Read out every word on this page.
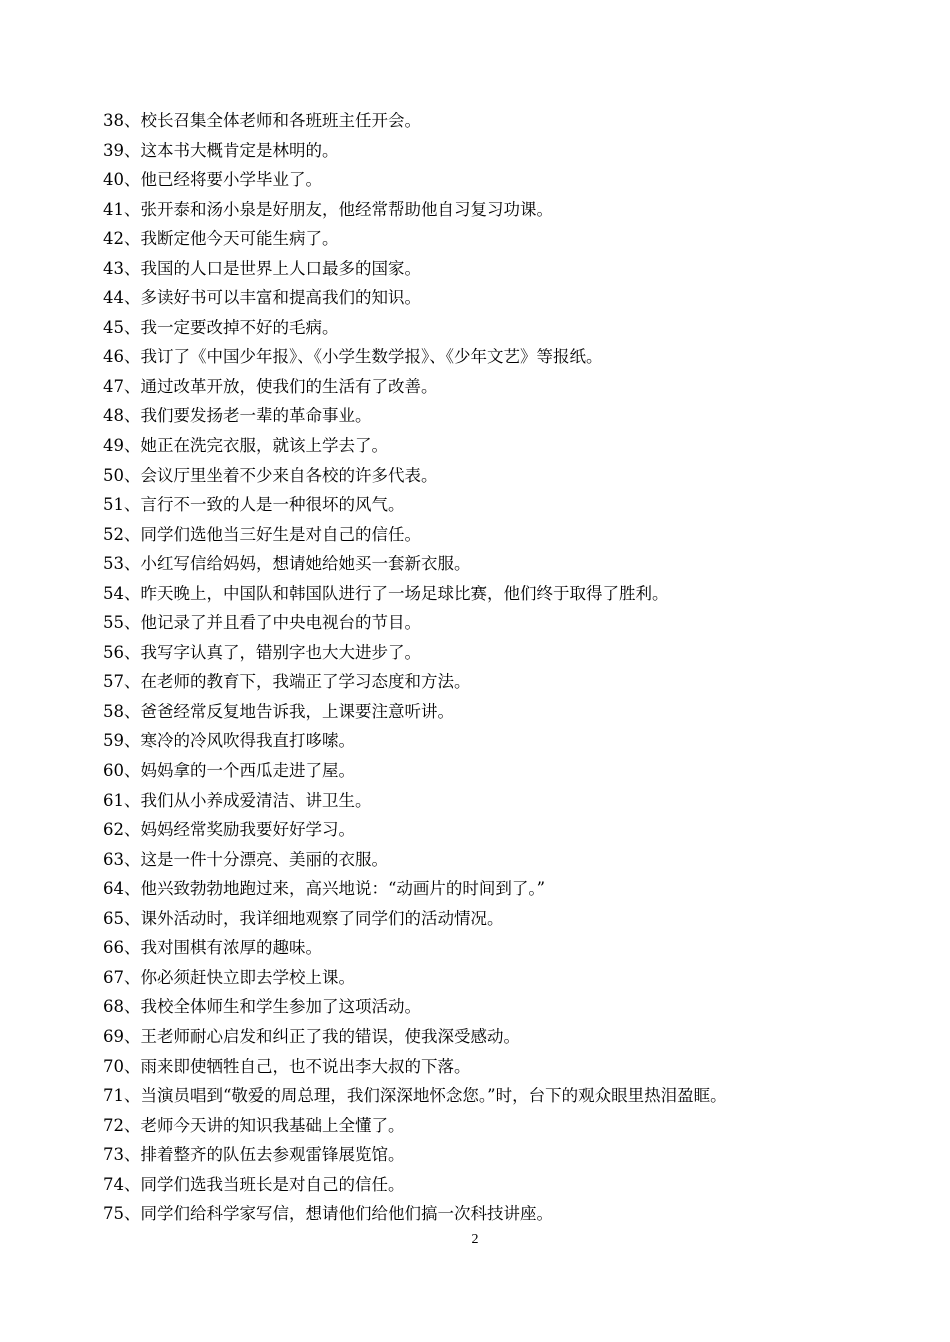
38、校长召集全体老师和各班班主任开会。
39、这本书大概肯定是林明的。
40、他已经将要小学毕业了。
41、张开泰和汤小泉是好朋友，他经常帮助他自习复习功课。
42、我断定他今天可能生病了。
43、我国的人口是世界上人口最多的国家。
44、多读好书可以丰富和提高我们的知识。
45、我一定要改掉不好的毛病。
46、我订了《中国少年报》、《小学生数学报》、《少年文艺》等报纸。
47、通过改革开放，使我们的生活有了改善。
48、我们要发扬老一辈的革命事业。
49、她正在洗完衣服，就该上学去了。
50、会议厅里坐着不少来自各校的许多代表。
51、言行不一致的人是一种很坏的风气。
52、同学们选他当三好生是对自己的信任。
53、小红写信给妈妈，想请她给她买一套新衣服。
54、昨天晚上，中国队和韩国队进行了一场足球比赛，他们终于取得了胜利。
55、他记录了并且看了中央电视台的节目。
56、我写字认真了，错别字也大大进步了。
57、在老师的教育下，我端正了学习态度和方法。
58、爸爸经常反复地告诉我，上课要注意听讲。
59、寒冷的冷风吹得我直打哆嗦。
60、妈妈拿的一个西瓜走进了屋。
61、我们从小养成爱清洁、讲卫生。
62、妈妈经常奖励我要好好学习。
63、这是一件十分漂亮、美丽的衣服。
64、他兴致勃勃地跑过来，高兴地说：“动画片的时间到了。”
65、课外活动时，我详细地观察了同学们的活动情况。
66、我对围棋有浓厚的趣味。
67、你必须赶快立即去学校上课。
68、我校全体师生和学生参加了这项活动。
69、王老师耐心启发和纠正了我的错误，使我深受感动。
70、雨来即使牺牲自己，也不说出李大叔的下落。
71、当演员唱到“敬爱的周总理，我们深深地怀念您。”时，台下的观众眼里热泪盈眶。
72、老师今天讲的知识我基础上全懂了。
73、排着整齐的队伍去参观雷锋展览馆。
74、同学们选我当班长是对自己的信任。
75、同学们给科学家写信，想请他们给他们搞一次科技讲座。
2
